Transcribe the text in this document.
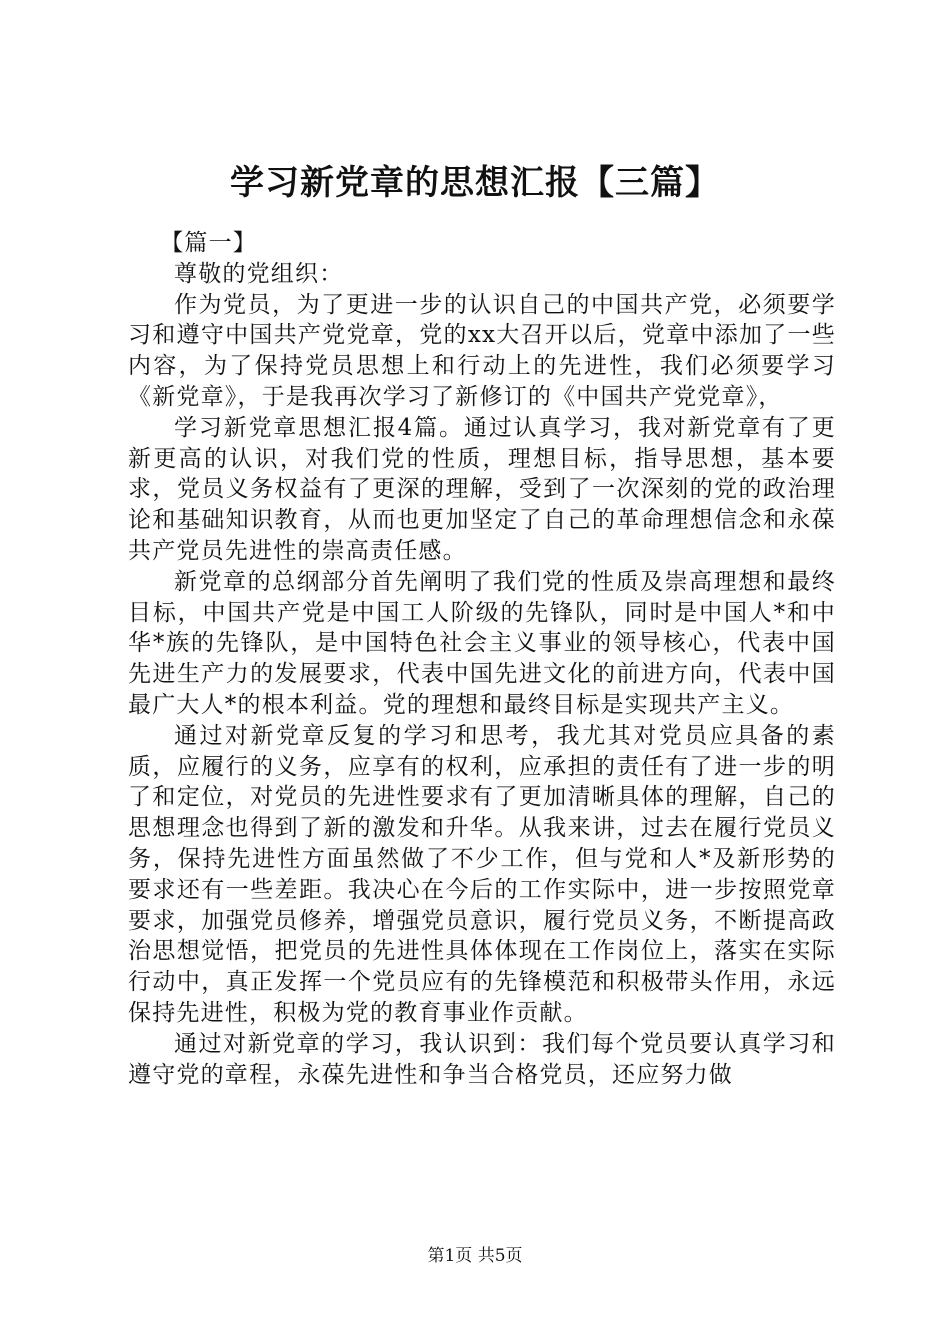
学习新党章的思想汇报【三篇】

【篇一】

尊敬的党组织：

作为党员，为了更进一步的认识自己的中国共产党，必须要学习和遵守中国共产党党章，党的xx大召开以后，党章中添加了一些内容，为了保持党员思想上和行动上的先进性，我们必须要学习《新党章》，于是我再次学习了新修订的《中国共产党党章》，

学习新党章思想汇报4篇。通过认真学习，我对新党章有了更新更高的认识，对我们党的性质，理想目标，指导思想，基本要求，党员义务权益有了更深的理解，受到了一次深刻的党的政治理论和基础知识教育，从而也更加坚定了自己的革命理想信念和永葆共产党员先进性的崇高责任感。

新党章的总纲部分首先阐明了我们党的性质及崇高理想和最终目标，中国共产党是中国工人阶级的先锋队，同时是中国人*和中华*族的先锋队，是中国特色社会主义事业的领导核心，代表中国先进生产力的发展要求，代表中国先进文化的前进方向，代表中国最广大人*的根本利益。党的理想和最终目标是实现共产主义。

通过对新党章反复的学习和思考，我尤其对党员应具备的素质，应履行的义务，应享有的权利，应承担的责任有了进一步的明了和定位，对党员的先进性要求有了更加清晰具体的理解，自己的思想理念也得到了新的激发和升华。从我来讲，过去在履行党员义务，保持先进性方面虽然做了不少工作，但与党和人*及新形势的要求还有一些差距。我决心在今后的工作实际中，进一步按照党章要求，加强党员修养，增强党员意识，履行党员义务，不断提高政治思想觉悟，把党员的先进性具体体现在工作岗位上，落实在实际行动中，真正发挥一个党员应有的先锋模范和积极带头作用，永远保持先进性，积极为党的教育事业作贡献。

通过对新党章的学习，我认识到：我们每个党员要认真学习和遵守党的章程，永葆先进性和争当合格党员，还应努力做

第1页 共5页
